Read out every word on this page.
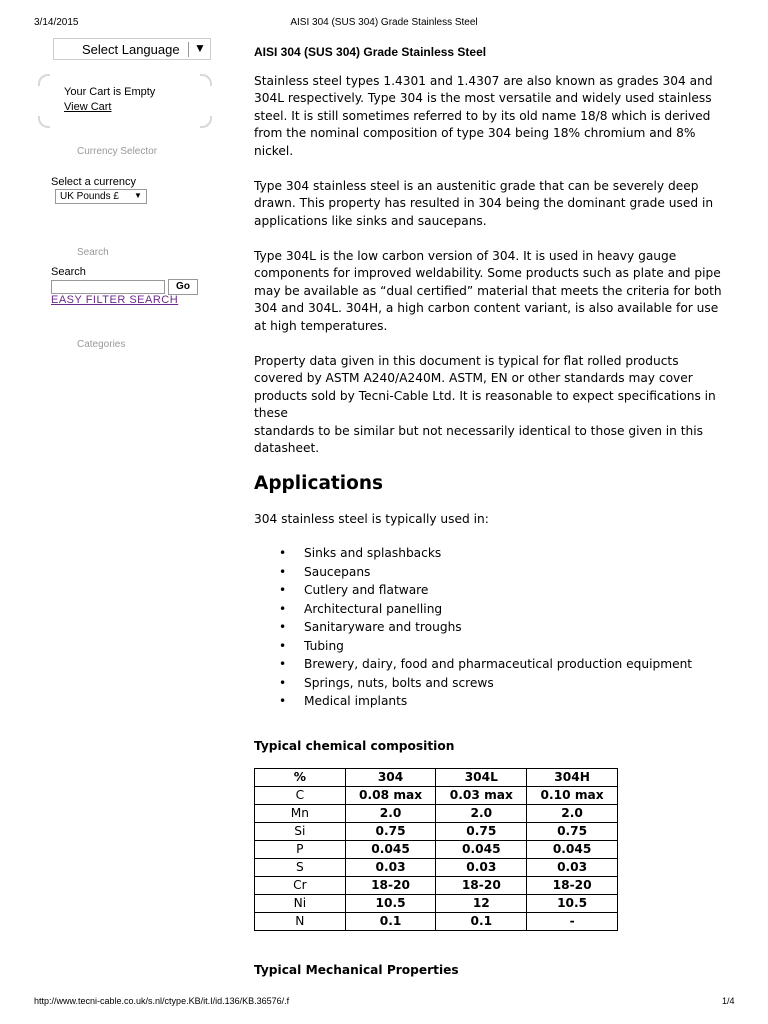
3/14/2015	AISI 304 (SUS 304) Grade Stainless Steel
Select Language ▼
Your Cart is Empty
View Cart
Currency Selector
Select a currency
UK Pounds £ ▼
Search
Search
Go
EASY FILTER SEARCH
Categories
AISI 304 (SUS 304) Grade Stainless Steel

Stainless steel types 1.4301 and 1.4307 are also known as grades 304 and 304L respectively. Type 304 is the most versatile and widely used stainless steel. It is still sometimes referred to by its old name 18/8 which is derived from the nominal composition of type 304 being 18% chromium and 8% nickel.

Type 304 stainless steel is an austenitic grade that can be severely deep drawn. This property has resulted in 304 being the dominant grade used in applications like sinks and saucepans.

Type 304L is the low carbon version of 304. It is used in heavy gauge components for improved weldability. Some products such as plate and pipe may be available as “dual certified” material that meets the criteria for both 304 and 304L. 304H, a high carbon content variant, is also available for use at high temperatures.

Property data given in this document is typical for flat rolled products covered by ASTM A240/A240M. ASTM, EN or other standards may cover products sold by Tecni-Cable Ltd. It is reasonable to expect specifications in these

standards to be similar but not necessarily identical to those given in this datasheet.

Applications
304 stainless steel is typically used in:
• Sinks and splashbacks
• Saucepans
• Cutlery and flatware
• Architectural panelling
• Sanitaryware and troughs
• Tubing
• Brewery, dairy, food and pharmaceutical production equipment
• Springs, nuts, bolts and screws
• Medical implants
Typical chemical composition
%	304	304L	304H
C	0.08 max	0.03 max	0.10 max
Mn	2.0	2.0	2.0
Si	0.75	0.75	0.75
P	0.045	0.045	0.045
S	0.03	0.03	0.03
Cr	18-20	18-20	18-20
Ni	10.5	12	10.5
N	0.1	0.1	-
Typical Mechanical Properties
http://www.tecni-cable.co.uk/s.nl/ctype.KB/it.I/id.136/KB.36576/.f	1/4
